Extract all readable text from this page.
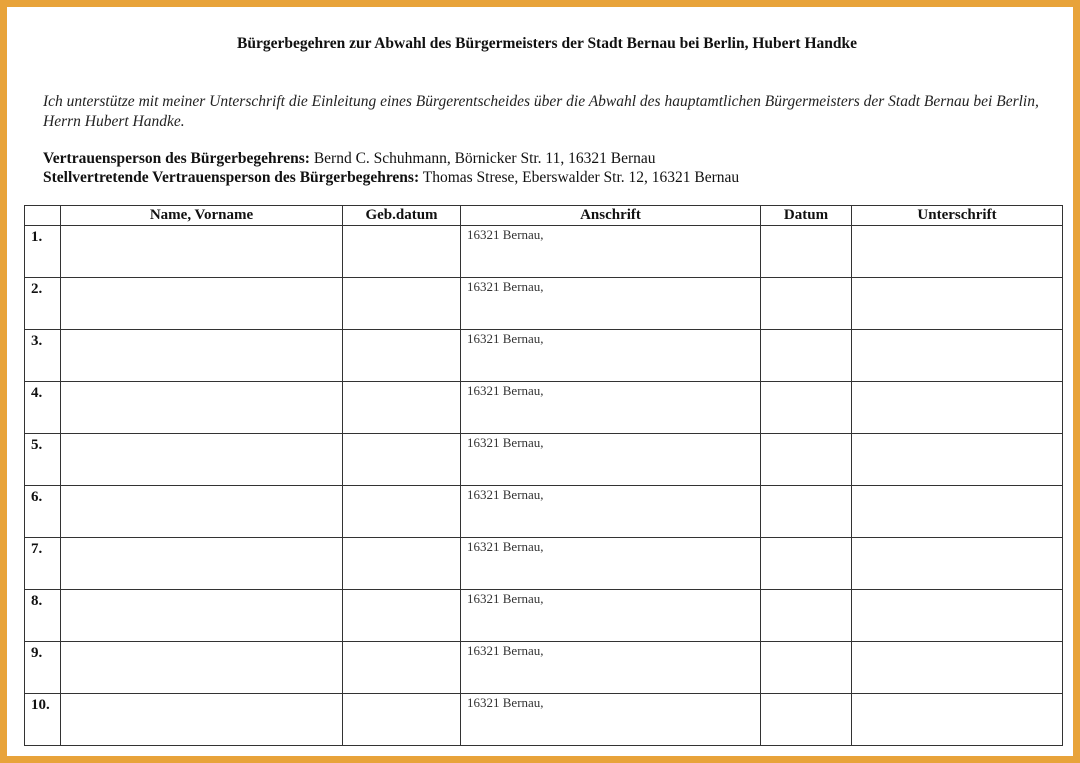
Bürgerbegehren zur Abwahl des Bürgermeisters der Stadt Bernau bei Berlin, Hubert Handke
Ich unterstütze mit meiner Unterschrift die Einleitung eines Bürgerentscheides über die Abwahl des hauptamtlichen Bürgermeisters der Stadt Bernau bei Berlin, Herrn Hubert Handke.
Vertrauensperson des Bürgerbegehrens: Bernd C. Schuhmann, Börnicker Str. 11, 16321 Bernau
Stellvertretende Vertrauensperson des Bürgerbegehrens: Thomas Strese, Eberswalder Str. 12, 16321 Bernau
	Name, Vorname	Geb.datum	Anschrift	Datum	Unterschrift
1.			16321 Bernau,		

2.			16321 Bernau,		

3.			16321 Bernau,		

4.			16321 Bernau,		

5.			16321 Bernau,		

6.			16321 Bernau,		

7.			16321 Bernau,		

8.			16321 Bernau,		

9.			16321 Bernau,		

10.			16321 Bernau,		
